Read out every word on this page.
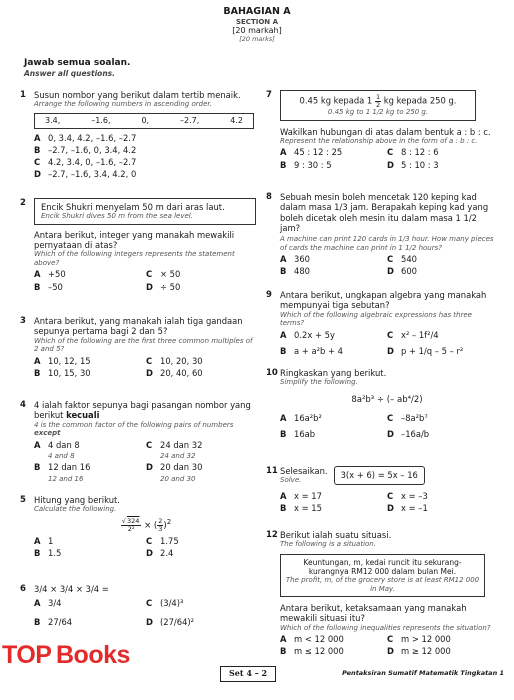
BAHAGIAN A
SECTION A
[20 markah]
[20 marks]
Jawab semua soalan.
Answer all questions.
1 Susun nombor yang berikut dalam tertib menaik.
Arrange the following numbers in ascending order.
3.4,	–1.6,	0,	–2.7,	4.2
A 0, 3.4, 4.2, –1.6, –2.7
B –2.7, –1.6, 0, 3.4, 4.2
C 4.2, 3.4, 0, –1.6, –2.7
D –2.7, –1.6, 3.4, 4.2, 0
2 Encik Shukri menyelam 50 m dari aras laut.
Encik Shukri dives 50 m from the sea level.
Antara berikut, integer yang manakah mewakili pernyataan di atas?
Which of the following integers represents the statement above?
A +50	C × 50
B –50	D ÷ 50
3 Antara berikut, yang manakah ialah tiga gandaan sepunya pertama bagi 2 dan 5?
Which of the following are the first three common multiples of 2 and 5?
A 10, 12, 15	C 10, 20, 30
B 10, 15, 30	D 20, 40, 60
4 4 ialah faktor sepunya bagi pasangan nombor yang berikut kecuali
4 is the common factor of the following pairs of numbers except
A 4 dan 8
4 and 8
C 24 dan 32
24 and 32
B 12 dan 16
12 and 16
D 20 dan 30
20 and 30
5 Hitung yang berikut.
Calculate the following.
$\frac{√324}{\text{2²}}$ × ( $\frac{2}{3} )^2$
A 1	C 1.75
B 1.5	D 2.4
6 3/4 × 3/4 × 3/4 =
A 3/4	C (3/4)³
B 27/64	D (27/64)²
7
0.45 kg kepada $1 \frac{1}{2}$ kg kepada 250 g.
0.45 kg to 1 1/2 kg to 250 g.
Wakilkan hubungan di atas dalam bentuk a : b : c.
Represent the relationship above in the form of a : b : c.
A 45 : 12 : 25	C 8 : 12 : 6
B 9 : 30 : 5	D 5 : 10 : 3
8 Sebuah mesin boleh mencetak 120 keping kad dalam masa 1/3 jam. Berapakah keping kad yang boleh dicetak oleh mesin itu dalam masa 1 1/2 jam?
A machine can print 120 cards in 1/3 hour. How many pieces of cards the machine can print in 1 1/2 hours?
A 360	C 540
B 480	D 600
9 Antara berikut, ungkapan algebra yang manakah mempunyai tiga sebutan?
Which of the following algebraic expressions has three terms?
A 0.2x + 5y	C x² – 1f²/4
B a + a²b + 4	D p + 1/q – 5 – r²
10 Ringkaskan yang berikut.
Simplify the following.
8a²b³ ÷ (– ab⁴/2)
A 16a²b²	C –8a²b⁷
B 16ab	D –16a/b
11 Selesaikan.
Solve.	3(x + 6) = 5x – 16
A x = 17	C x = –3
B x = 15	D x = –1
12 Berikut ialah suatu situasi.
The following is a situation.
Keuntungan, m, kedai runcit itu sekurang-kurangnya RM12 000 dalam bulan Mei.
The profit, m, of the grocery store is at least RM12 000 in May.
Antara berikut, ketaksamaan yang manakah mewakili situasi itu?
Which of the following inequalities represents the situation?
A m < 12 000	C m > 12 000
B m ≤ 12 000	D m ≥ 12 000
TOP Books
Set 4 – 2	Pentaksiran Sumatif Matematik Tingkatan 1
